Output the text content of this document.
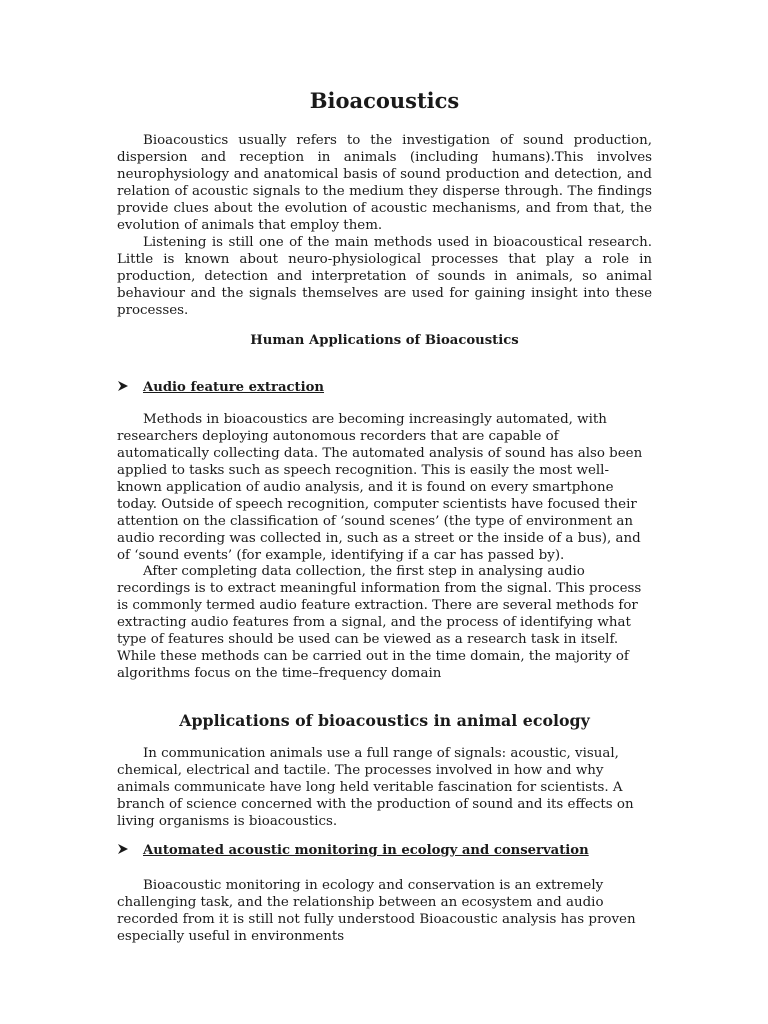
Bioacoustics

Bioacoustics usually refers to the investigation of sound production, dispersion and reception in animals (including humans).This involves neurophysiology and anatomical basis of sound production and detection, and relation of acoustic signals to the medium they disperse through. The findings provide clues about the evolution of acoustic mechanisms, and from that, the evolution of animals that employ them.

Listening is still one of the main methods used in bioacoustical research. Little is known about neuro-physiological processes that play a role in production, detection and interpretation of sounds in animals, so animal behaviour and the signals themselves are used for gaining insight into these processes.

Human Applications of Bioacoustics
Audio feature extraction

Methods in bioacoustics are becoming increasingly automated, with researchers deploying autonomous recorders that are capable of automatically collecting data. The automated analysis of sound has also been applied to tasks such as speech recognition. This is easily the most well-known application of audio analysis, and it is found on every smartphone today. Outside of speech recognition, computer scientists have focused their attention on the classification of ‘sound scenes’ (the type of environment an audio recording was collected in, such as a street or the inside of a bus), and of ‘sound events’ (for example, identifying if a car has passed by).

After completing data collection, the first step in analysing audio recordings is to extract meaningful information from the signal. This process is commonly termed audio feature extraction. There are several methods for extracting audio features from a signal, and the process of identifying what type of features should be used can be viewed as a research task in itself. While these methods can be carried out in the time domain, the majority of algorithms focus on the time–frequency domain

Applications of bioacoustics in animal ecology

In communication animals use a full range of signals: acoustic, visual, chemical, electrical and tactile. The processes involved in how and why animals communicate have long held veritable fascination for scientists. A branch of science concerned with the production of sound and its effects on living organisms is bioacoustics.

Automated acoustic monitoring in ecology and conservation

Bioacoustic monitoring in ecology and conservation is an extremely challenging task, and the relationship between an ecosystem and audio recorded from it is still not fully understood Bioacoustic analysis has proven especially useful in environments
